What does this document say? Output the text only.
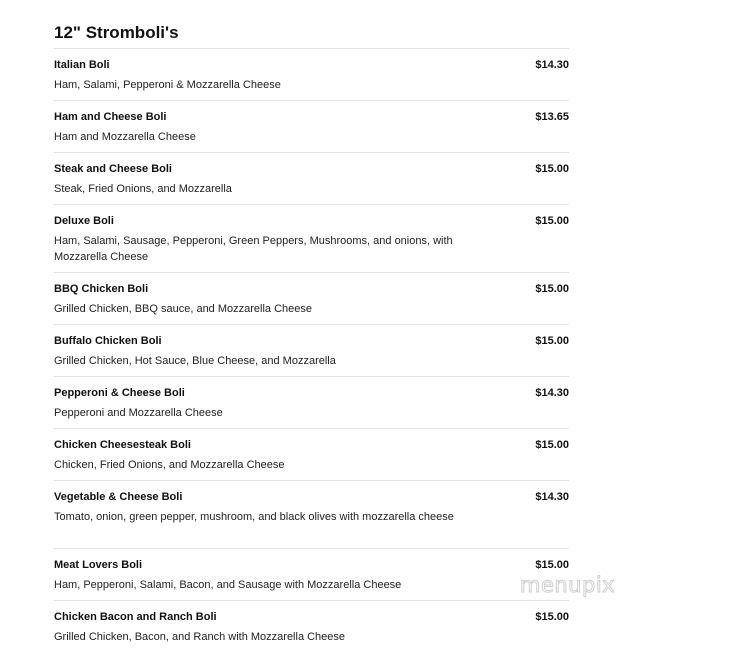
12" Stromboli's
Italian Boli	$14.30
Ham, Salami, Pepperoni & Mozzarella Cheese
Ham and Cheese Boli	$13.65
Ham and Mozzarella Cheese
Steak and Cheese Boli	$15.00
Steak, Fried Onions, and Mozzarella
Deluxe Boli	$15.00
Ham, Salami, Sausage, Pepperoni, Green Peppers, Mushrooms, and onions, with Mozzarella Cheese
BBQ Chicken Boli	$15.00
Grilled Chicken, BBQ sauce, and Mozzarella Cheese
Buffalo Chicken Boli	$15.00
Grilled Chicken, Hot Sauce, Blue Cheese, and Mozzarella
Pepperoni & Cheese Boli	$14.30
Pepperoni and Mozzarella Cheese
Chicken Cheesesteak Boli	$15.00
Chicken, Fried Onions, and Mozzarella Cheese
Vegetable & Cheese Boli	$14.30
Tomato, onion, green pepper, mushroom, and black olives with mozzarella cheese
Meat Lovers Boli	$15.00
Ham, Pepperoni, Salami, Bacon, and Sausage with Mozzarella Cheese
Chicken Bacon and Ranch Boli	$15.00
Grilled Chicken, Bacon, and Ranch with Mozzarella Cheese
menupix
